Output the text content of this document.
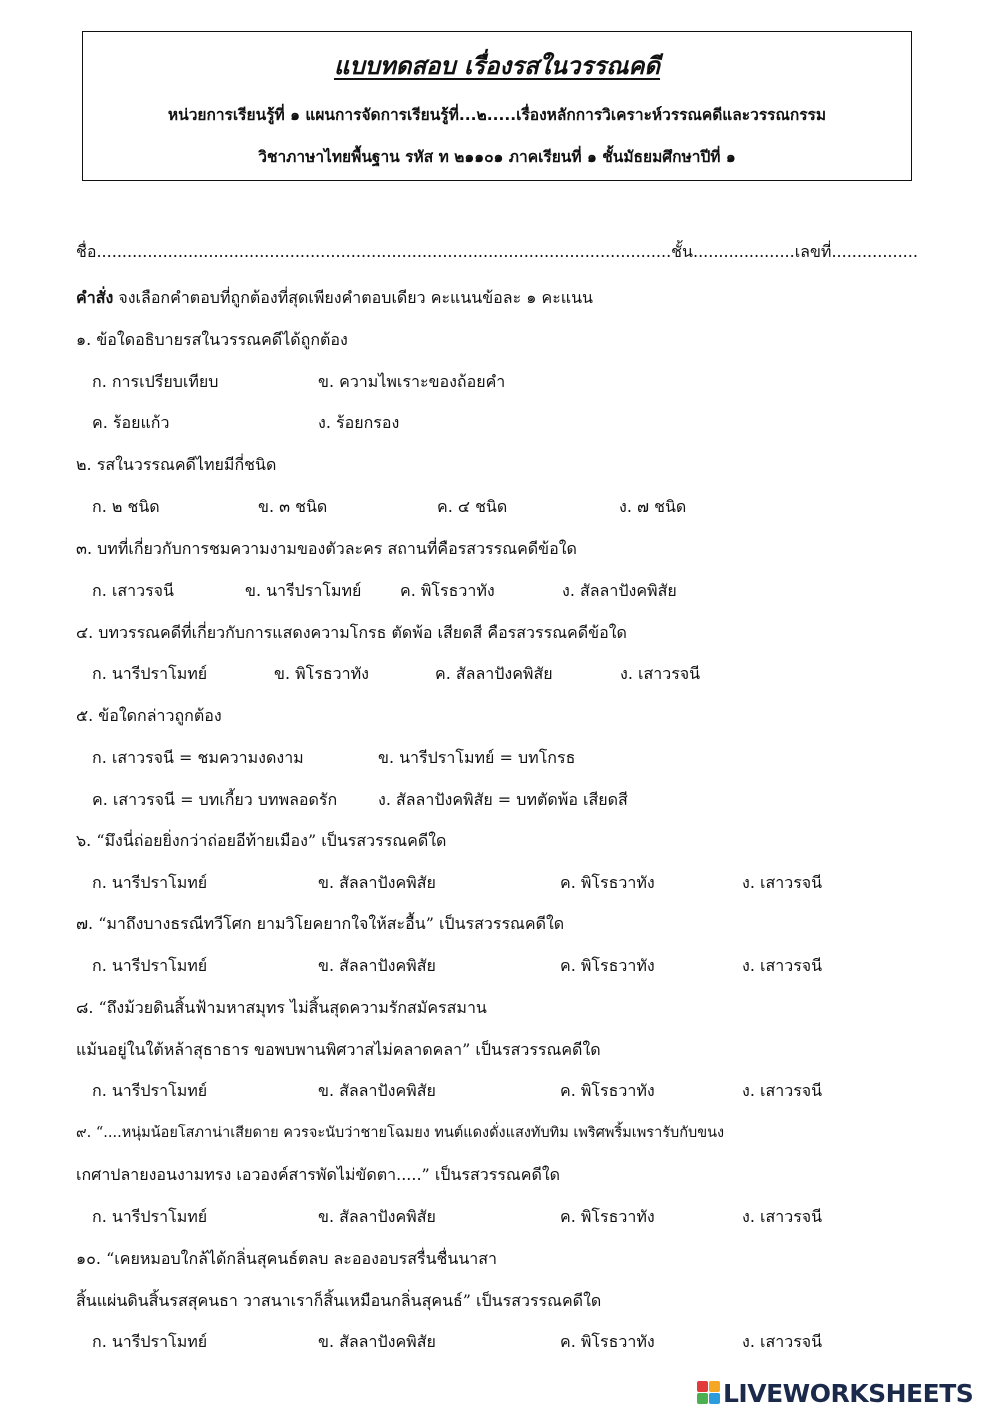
แบบทดสอบ เรื่องรสในวรรณคดี
หน่วยการเรียนรู้ที่ ๑ แผนการจัดการเรียนรู้ที่...๒.....เรื่องหลักการวิเคราะห์วรรณคดีและวรรณกรรม
วิชาภาษาไทยพื้นฐาน รหัส ท ๒๑๑๐๑ ภาคเรียนที่ ๑ ชั้นมัธยมศึกษาปีที่ ๑
ชื่อ.................................................................................................................ชั้น....................เลขที่.................
คำสั่ง จงเลือกคำตอบที่ถูกต้องที่สุดเพียงคำตอบเดียว คะแนนข้อละ ๑ คะแนน
๑. ข้อใดอธิบายรสในวรรณคดีได้ถูกต้อง
ก. การเปรียบเทียบ	ข. ความไพเราะของถ้อยคำ
ค. ร้อยแก้ว	ง. ร้อยกรอง
๒. รสในวรรณคดีไทยมีกี่ชนิด
ก. ๒ ชนิด	ข. ๓ ชนิด	ค. ๔ ชนิด	ง. ๗ ชนิด
๓. บทที่เกี่ยวกับการชมความงามของตัวละคร สถานที่คือรสวรรณคดีข้อใด
ก. เสาวรจนี	ข. นารีปราโมทย์ ค. พิโรธวาทัง	ง. สัลลาปังคพิสัย
๔. บทวรรณคดีที่เกี่ยวกับการแสดงความโกรธ ตัดพ้อ เสียดสี คือรสวรรณคดีข้อใด
ก. นารีปราโมทย์	ข. พิโรธวาทัง	ค. สัลลาปังคพิสัย	ง. เสาวรจนี
๕. ข้อใดกล่าวถูกต้อง
ก. เสาวรจนี = ชมความงดงาม	ข. นารีปราโมทย์ = บทโกรธ
ค. เสาวรจนี = บทเกี้ยว บทพลอดรัก	ง. สัลลาปังคพิสัย = บทตัดพ้อ เสียดสี
๖. “มึงนี่ถ่อยยิ่งกว่าถ่อยอีท้ายเมือง” เป็นรสวรรณคดีใด
ก. นารีปราโมทย์	ข. สัลลาปังคพิสัย	ค. พิโรธวาทัง	ง. เสาวรจนี
๗. “มาถึงบางธรณีทวีโศก ยามวิโยคยากใจให้สะอื้น” เป็นรสวรรณคดีใด
ก. นารีปราโมทย์	ข. สัลลาปังคพิสัย	ค. พิโรธวาทัง	ง. เสาวรจนี
๘. “ถึงม้วยดินสิ้นฟ้ามหาสมุทร ไม่สิ้นสุดความรักสมัครสมาน
แม้นอยู่ในใต้หล้าสุธาธาร ขอพบพานพิศวาสไม่คลาดคลา” เป็นรสวรรณคดีใด
ก. นารีปราโมทย์	ข. สัลลาปังคพิสัย	ค. พิโรธวาทัง	ง. เสาวรจนี
๙. “....หนุ่มน้อยโสภาน่าเสียดาย ควรจะนับว่าชายโฉมยง ทนต์แดงดั่งแสงทับทิม เพริศพริ้มเพรารับกับขนง
เกศาปลายงอนงามทรง เอวองค์สารพัดไม่ขัดตา.....” เป็นรสวรรณคดีใด
ก. นารีปราโมทย์	ข. สัลลาปังคพิสัย	ค. พิโรธวาทัง	ง. เสาวรจนี
๑๐. “เคยหมอบใกล้ได้กลิ่นสุคนธ์ตลบ ละอองอบรสรื่นชื่นนาสา
สิ้นแผ่นดินสิ้นรสสุคนธา วาสนาเราก็สิ้นเหมือนกลิ่นสุคนธ์” เป็นรสวรรณคดีใด
ก. นารีปราโมทย์	ข. สัลลาปังคพิสัย	ค. พิโรธวาทัง	ง. เสาวรจนี
LIVEWORKSHEETS
